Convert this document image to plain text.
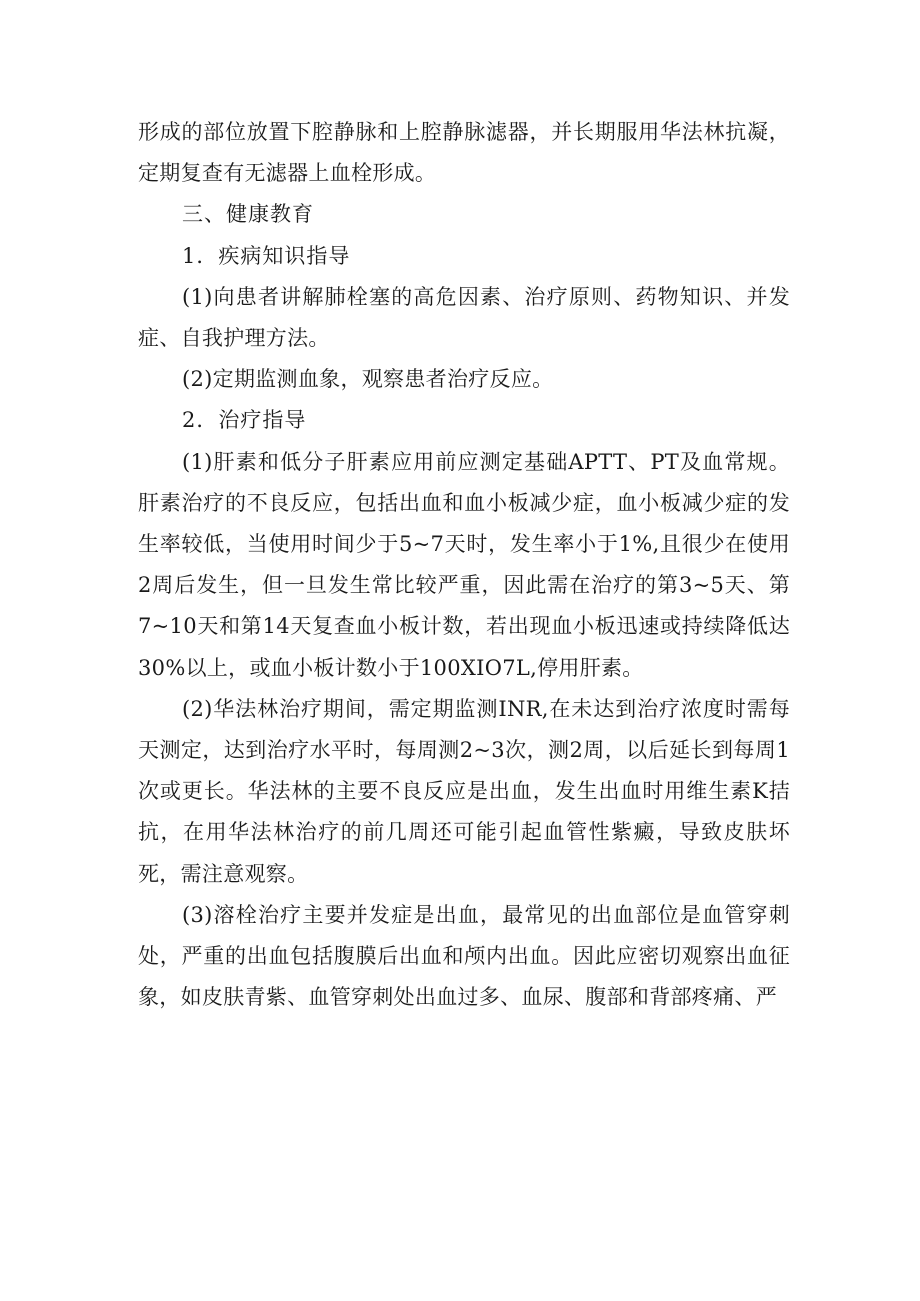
形成的部位放置下腔静脉和上腔静脉滤器，并长期服用华法林抗凝，定期复查有无滤器上血栓形成。

三、健康教育

1．疾病知识指导

(1)向患者讲解肺栓塞的高危因素、治疗原则、药物知识、并发症、自我护理方法。

(2)定期监测血象，观察患者治疗反应。

2．治疗指导

(1)肝素和低分子肝素应用前应测定基础APTT、PT及血常规。肝素治疗的不良反应，包括出血和血小板减少症，血小板减少症的发生率较低，当使用时间少于5~7天时，发生率小于1%,且很少在使用2周后发生，但一旦发生常比较严重，因此需在治疗的第3~5天、第7~10天和第14天复查血小板计数，若出现血小板迅速或持续降低达30%以上，或血小板计数小于100XIO7L,停用肝素。

(2)华法林治疗期间，需定期监测INR,在未达到治疗浓度时需每天测定，达到治疗水平时，每周测2~3次，测2周，以后延长到每周1次或更长。华法林的主要不良反应是出血，发生出血时用维生素K拮抗，在用华法林治疗的前几周还可能引起血管性紫癜，导致皮肤坏死，需注意观察。

(3)溶栓治疗主要并发症是出血，最常见的出血部位是血管穿刺处，严重的出血包括腹膜后出血和颅内出血。因此应密切观察出血征象，如皮肤青紫、血管穿刺处出血过多、血尿、腹部和背部疼痛、严
